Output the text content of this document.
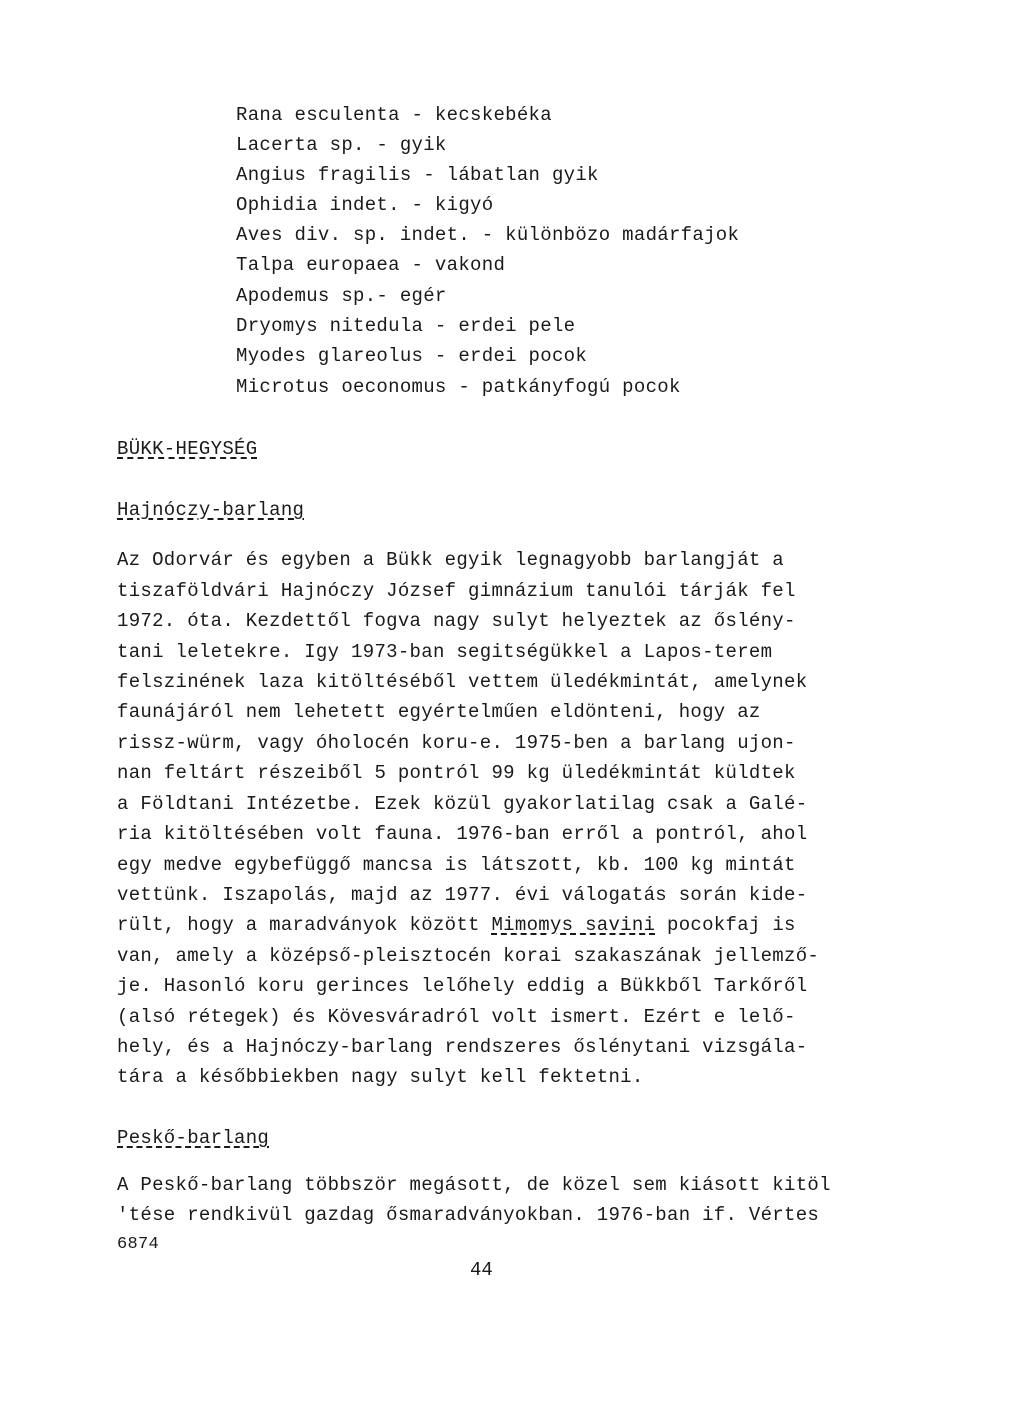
Rana esculenta - kecskebéka
Lacerta sp. - gyik
Angius fragilis - lábatlan gyik
Ophidia indet. - kigyó
Aves div. sp. indet. - különbözo madárfajok
Talpa europaea - vakond
Apodemus sp.- egér
Dryomys nitedula - erdei pele
Myodes glareolus - erdei pocok
Microtus oeconomus - patkányfogú pocok
BÜKK-HEGYSÉG
Hajnóczy-barlang
Az Odorvár és egyben a Bükk egyik legnagyobb barlangját a
tiszaföldvári Hajnóczy József gimnázium tanulói tárják fel
1972. óta. Kezdettől fogva nagy sulyt helyeztek az őslény-
tani leletekre. Igy 1973-ban segitségükkel a Lapos-terem
felszinének laza kitöltéséből vettem üledékmintát, amelynek
faunájáról nem lehetett egyértelműen eldönteni, hogy az
rissz-würm, vagy óholocén koru-e. 1975-ben a barlang ujon-
nan feltárt részeiből 5 pontról 99 kg üledékmintát küldtek
a Földtani Intézetbe. Ezek közül gyakorlatilag csak a Galé-
ria kitöltésében volt fauna. 1976-ban erről a pontról, ahol
egy medve egybefüggő mancsa is látszott, kb. 100 kg mintát
vettünk. Iszapolás, majd az 1977. évi válogatás során kide-
rült, hogy a maradványok között Mimomys savini pocokfaj is
van, amely a középső-pleisztocén korai szakaszának jellemző-
je. Hasonló koru gerinces lelőhely eddig a Bükkből Tarkőről
(alsó rétegek) és Kövesváradról volt ismert. Ezért e lelő-
hely, és a Hajnóczy-barlang rendszeres őslénytani vizsgála-
tára a későbbiekben nagy sulyt kell fektetni.
Peskő-barlang
A Peskő-barlang többször megásott, de közel sem kiásott kitöl
'tése rendkivül gazdag ősmaradványokban. 1976-ban if. Vértes
6874
44
